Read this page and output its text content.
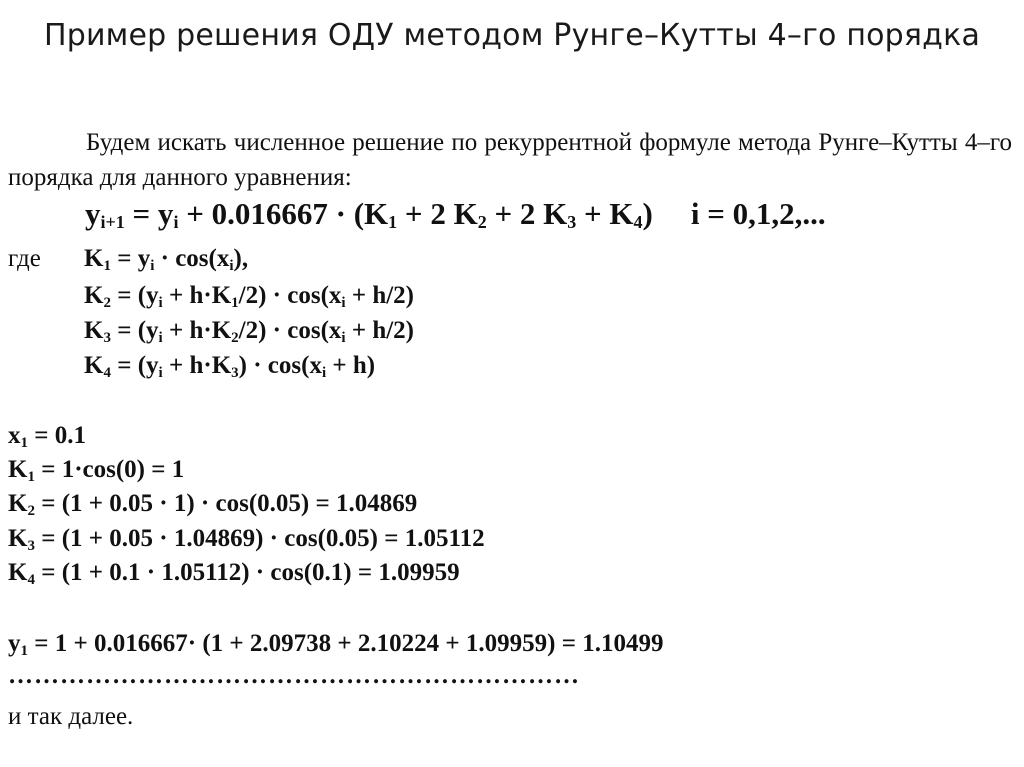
Пример решения ОДУ методом Рунге–Кутты 4–го порядка
Будем искать численное решение по рекуррентной формуле метода Рунге–Кутты 4–го порядка для данного уравнения:
$y_{i+1} = y_i + 0.016667 \cdot (K_1 + 2$ $K_2 + 2$ $K_3 + K_4$) i = 0,1,2,...
где $K_1 = y_i \cdot \cos(x_i)$,
$K_2 = (y_i + h\cdot K_1/2) \cdot \cos(x_i + h/2)$
$K_3 = (y_i + h\cdot K_2/2) \cdot \cos(x_i + h/2)$
$K_4 = (y_i + h\cdot K_3) \cdot \cos(x_i + h)$
$x_1 = 0.1$
$K_1 = 1\cdot\cos(0) = 1$
$K_2 = (1 + 0.05 \cdot 1) \cdot \cos(0.05) = 1.04869$
$K_3 = (1 + 0.05 \cdot 1.04869) \cdot \cos(0.05) = 1.05112$
$K_4 = (1 + 0.1 \cdot 1.05112) \cdot \cos(0.1) = 1.09959$
$y_1 = 1 + 0.016667\cdot (1 + 2.09738 + 2.10224 + 1.09959) = 1.10499$
…………………………………………………………
и так далее.
